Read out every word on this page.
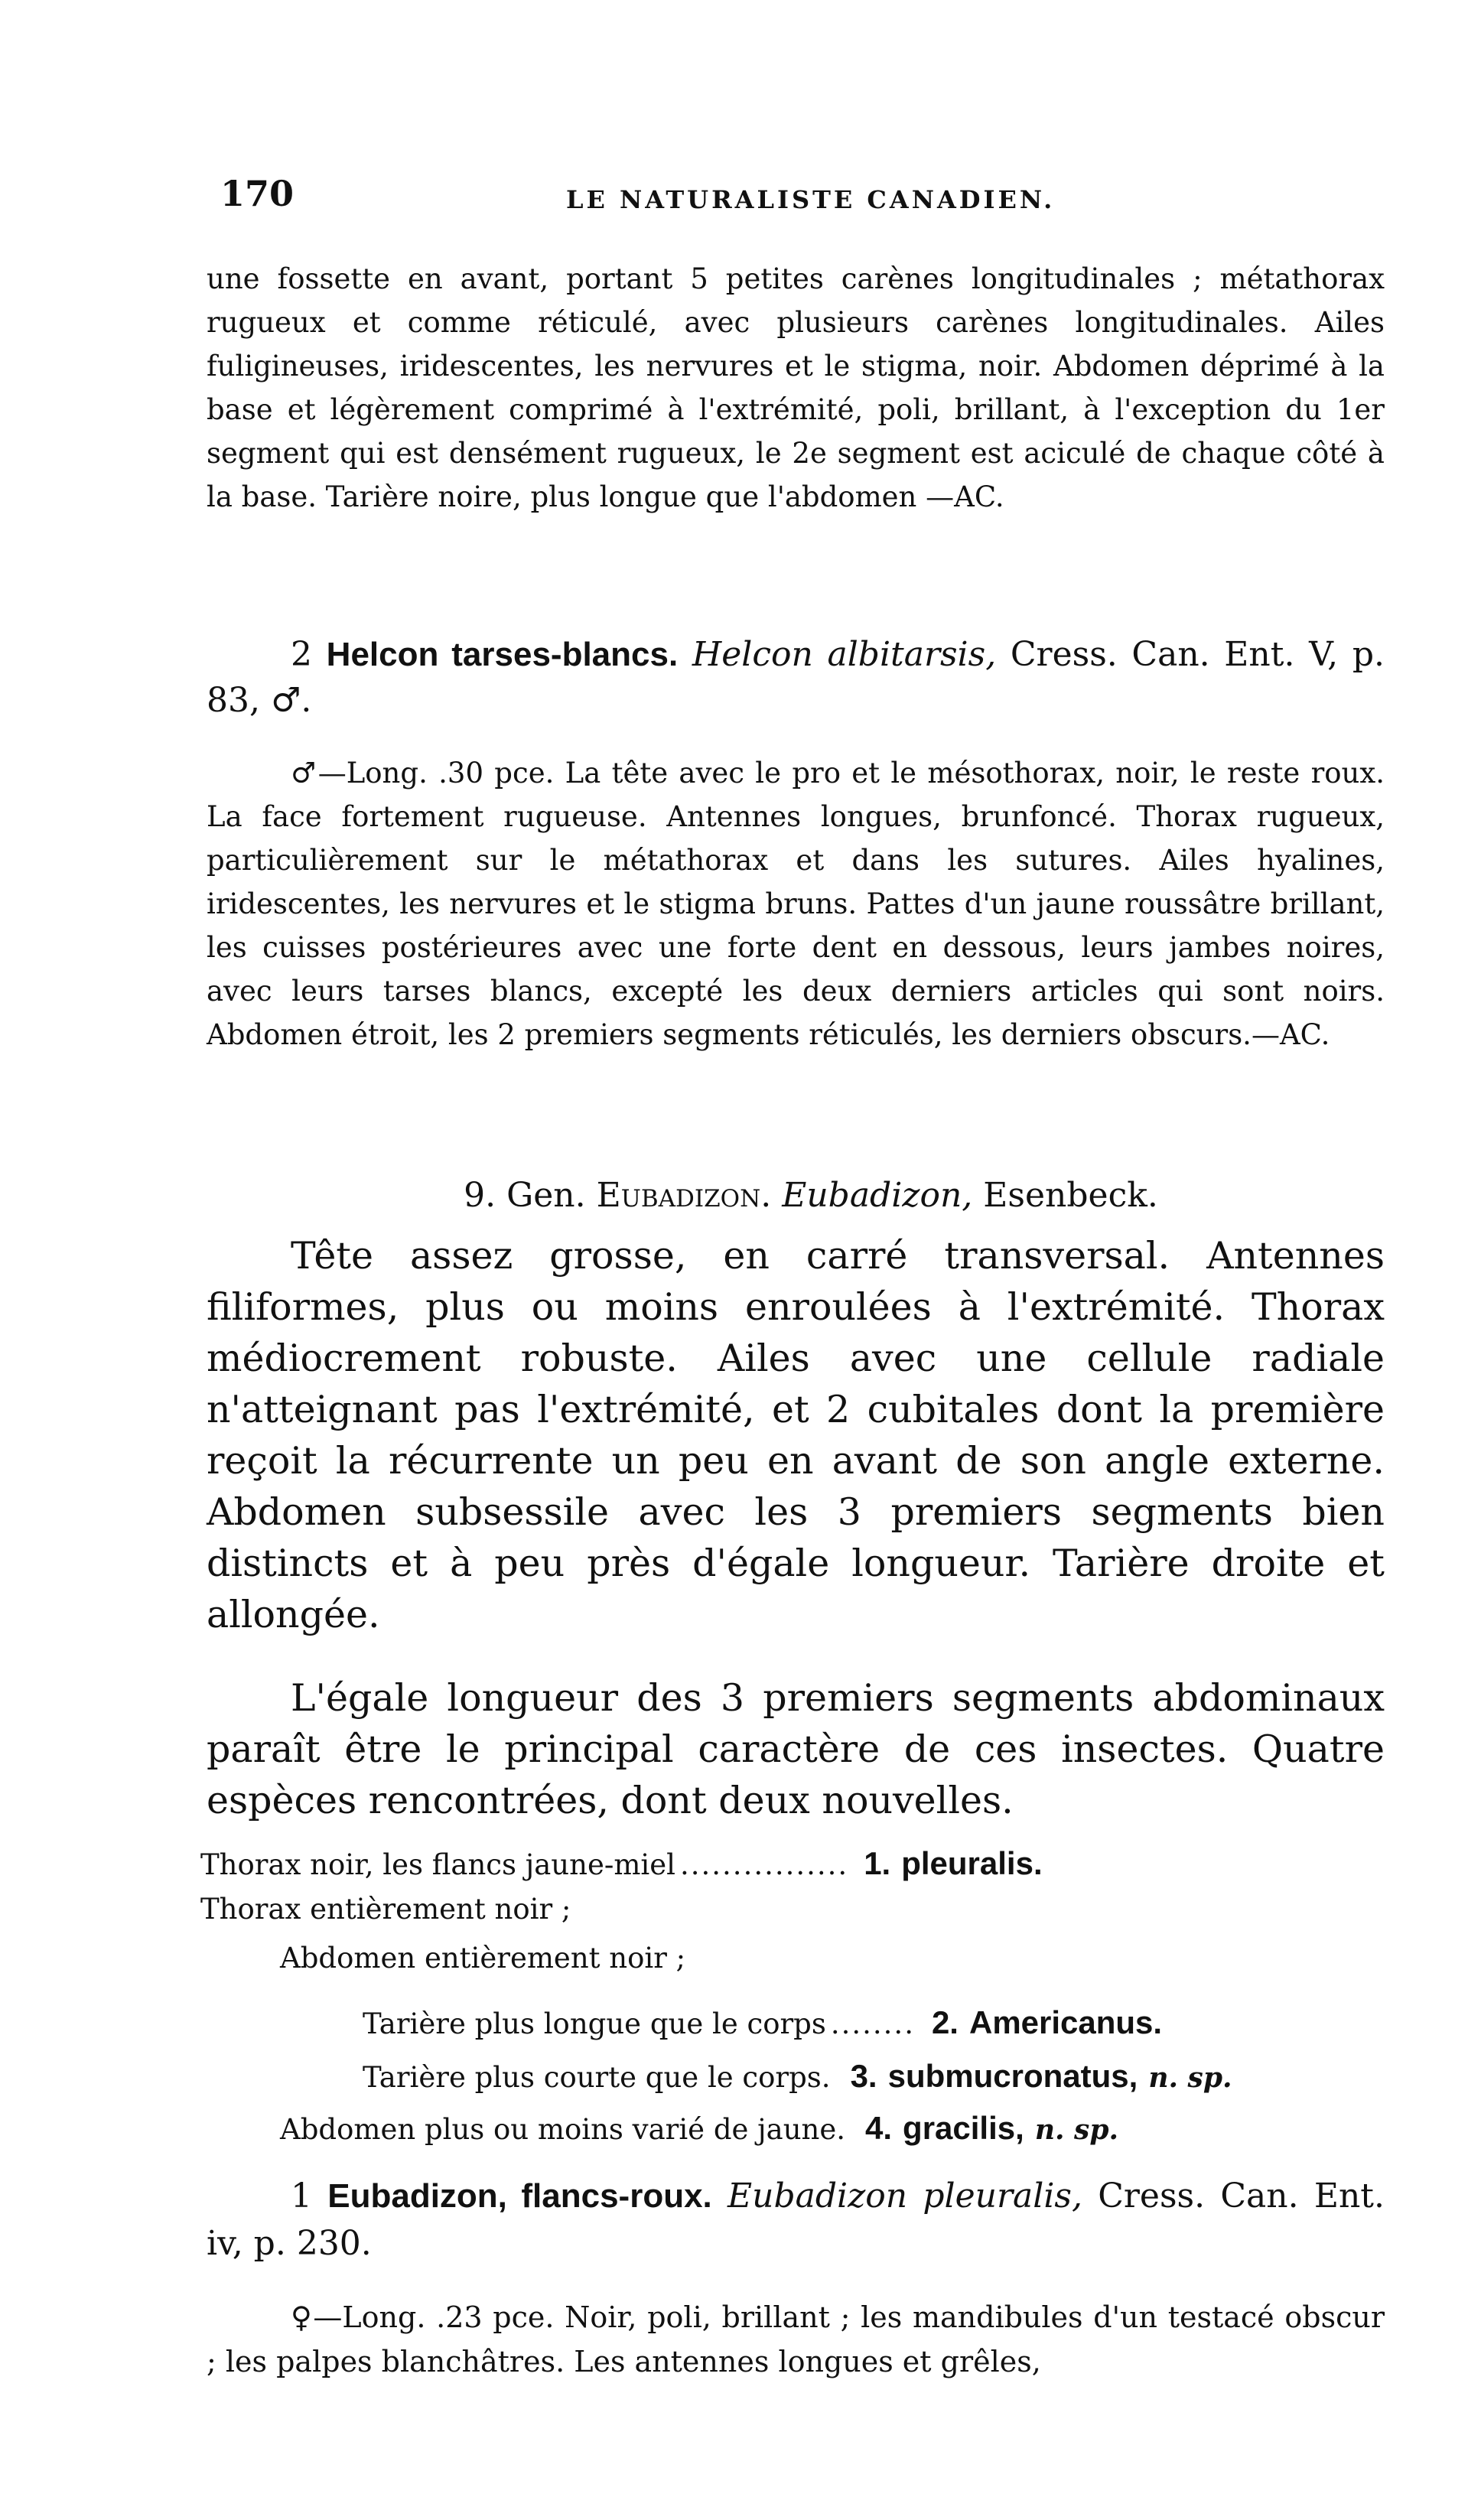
170	LE NATURALISTE CANADIEN.

une fossette en avant, portant 5 petites carènes longitudinales ; métathorax rugueux et comme réticulé, avec plusieurs carènes longitudinales. Ailes fuligineuses, iridescentes, les nervures et le stigma, noir. Abdomen déprimé à la base et légèrement comprimé à l'extrémité, poli, brillant, à l'exception du 1er segment qui est densément rugueux, le 2e segment est aciculé de chaque côté à la base. Tarière noire, plus longue que l'abdomen —AC.

2 Helcon tarses-blancs. Helcon albitarsis, Cress. Can. Ent. V, p. 83, ♂.

♂—Long. .30 pce. La tête avec le pro et le mésothorax, noir, le reste roux. La face fortement rugueuse. Antennes longues, brunfoncé. Thorax rugueux, particulièrement sur le métathorax et dans les sutures. Ailes hyalines, iridescentes, les nervures et le stigma bruns. Pattes d'un jaune roussâtre brillant, les cuisses postérieures avec une forte dent en dessous, leurs jambes noires, avec leurs tarses blancs, excepté les deux derniers articles qui sont noirs. Abdomen étroit, les 2 premiers segments réticulés, les derniers obscurs.—AC.

9. Gen. Eubadizon. Eubadizon, Esenbeck.

Tête assez grosse, en carré transversal. Antennes filiformes, plus ou moins enroulées à l'extrémité. Thorax médiocrement robuste. Ailes avec une cellule radiale n'atteignant pas l'extrémité, et 2 cubitales dont la première reçoit la récurrente un peu en avant de son angle externe. Abdomen subsessile avec les 3 premiers segments bien distincts et à peu près d'égale longueur. Tarière droite et allongée.

L'égale longueur des 3 premiers segments abdominaux paraît être le principal caractère de ces insectes. Quatre espèces rencontrées, dont deux nouvelles.

Thorax noir, les flancs jaune-miel ................ 1. pleuralis.
Thorax entièrement noir ;
Abdomen entièrement noir ;
Tarière plus longue que le corps ........ 2. Americanus.
Tarière plus courte que le corps. 3. submucronatus, n. sp.
Abdomen plus ou moins varié de jaune. 4. gracilis, n. sp.

1 Eubadizon, flancs-roux. Eubadizon pleuralis, Cress. Can. Ent. iv, p. 230.

♀—Long. .23 pce. Noir, poli, brillant ; les mandibules d'un testacé obscur ; les palpes blanchâtres. Les antennes longues et grêles,
